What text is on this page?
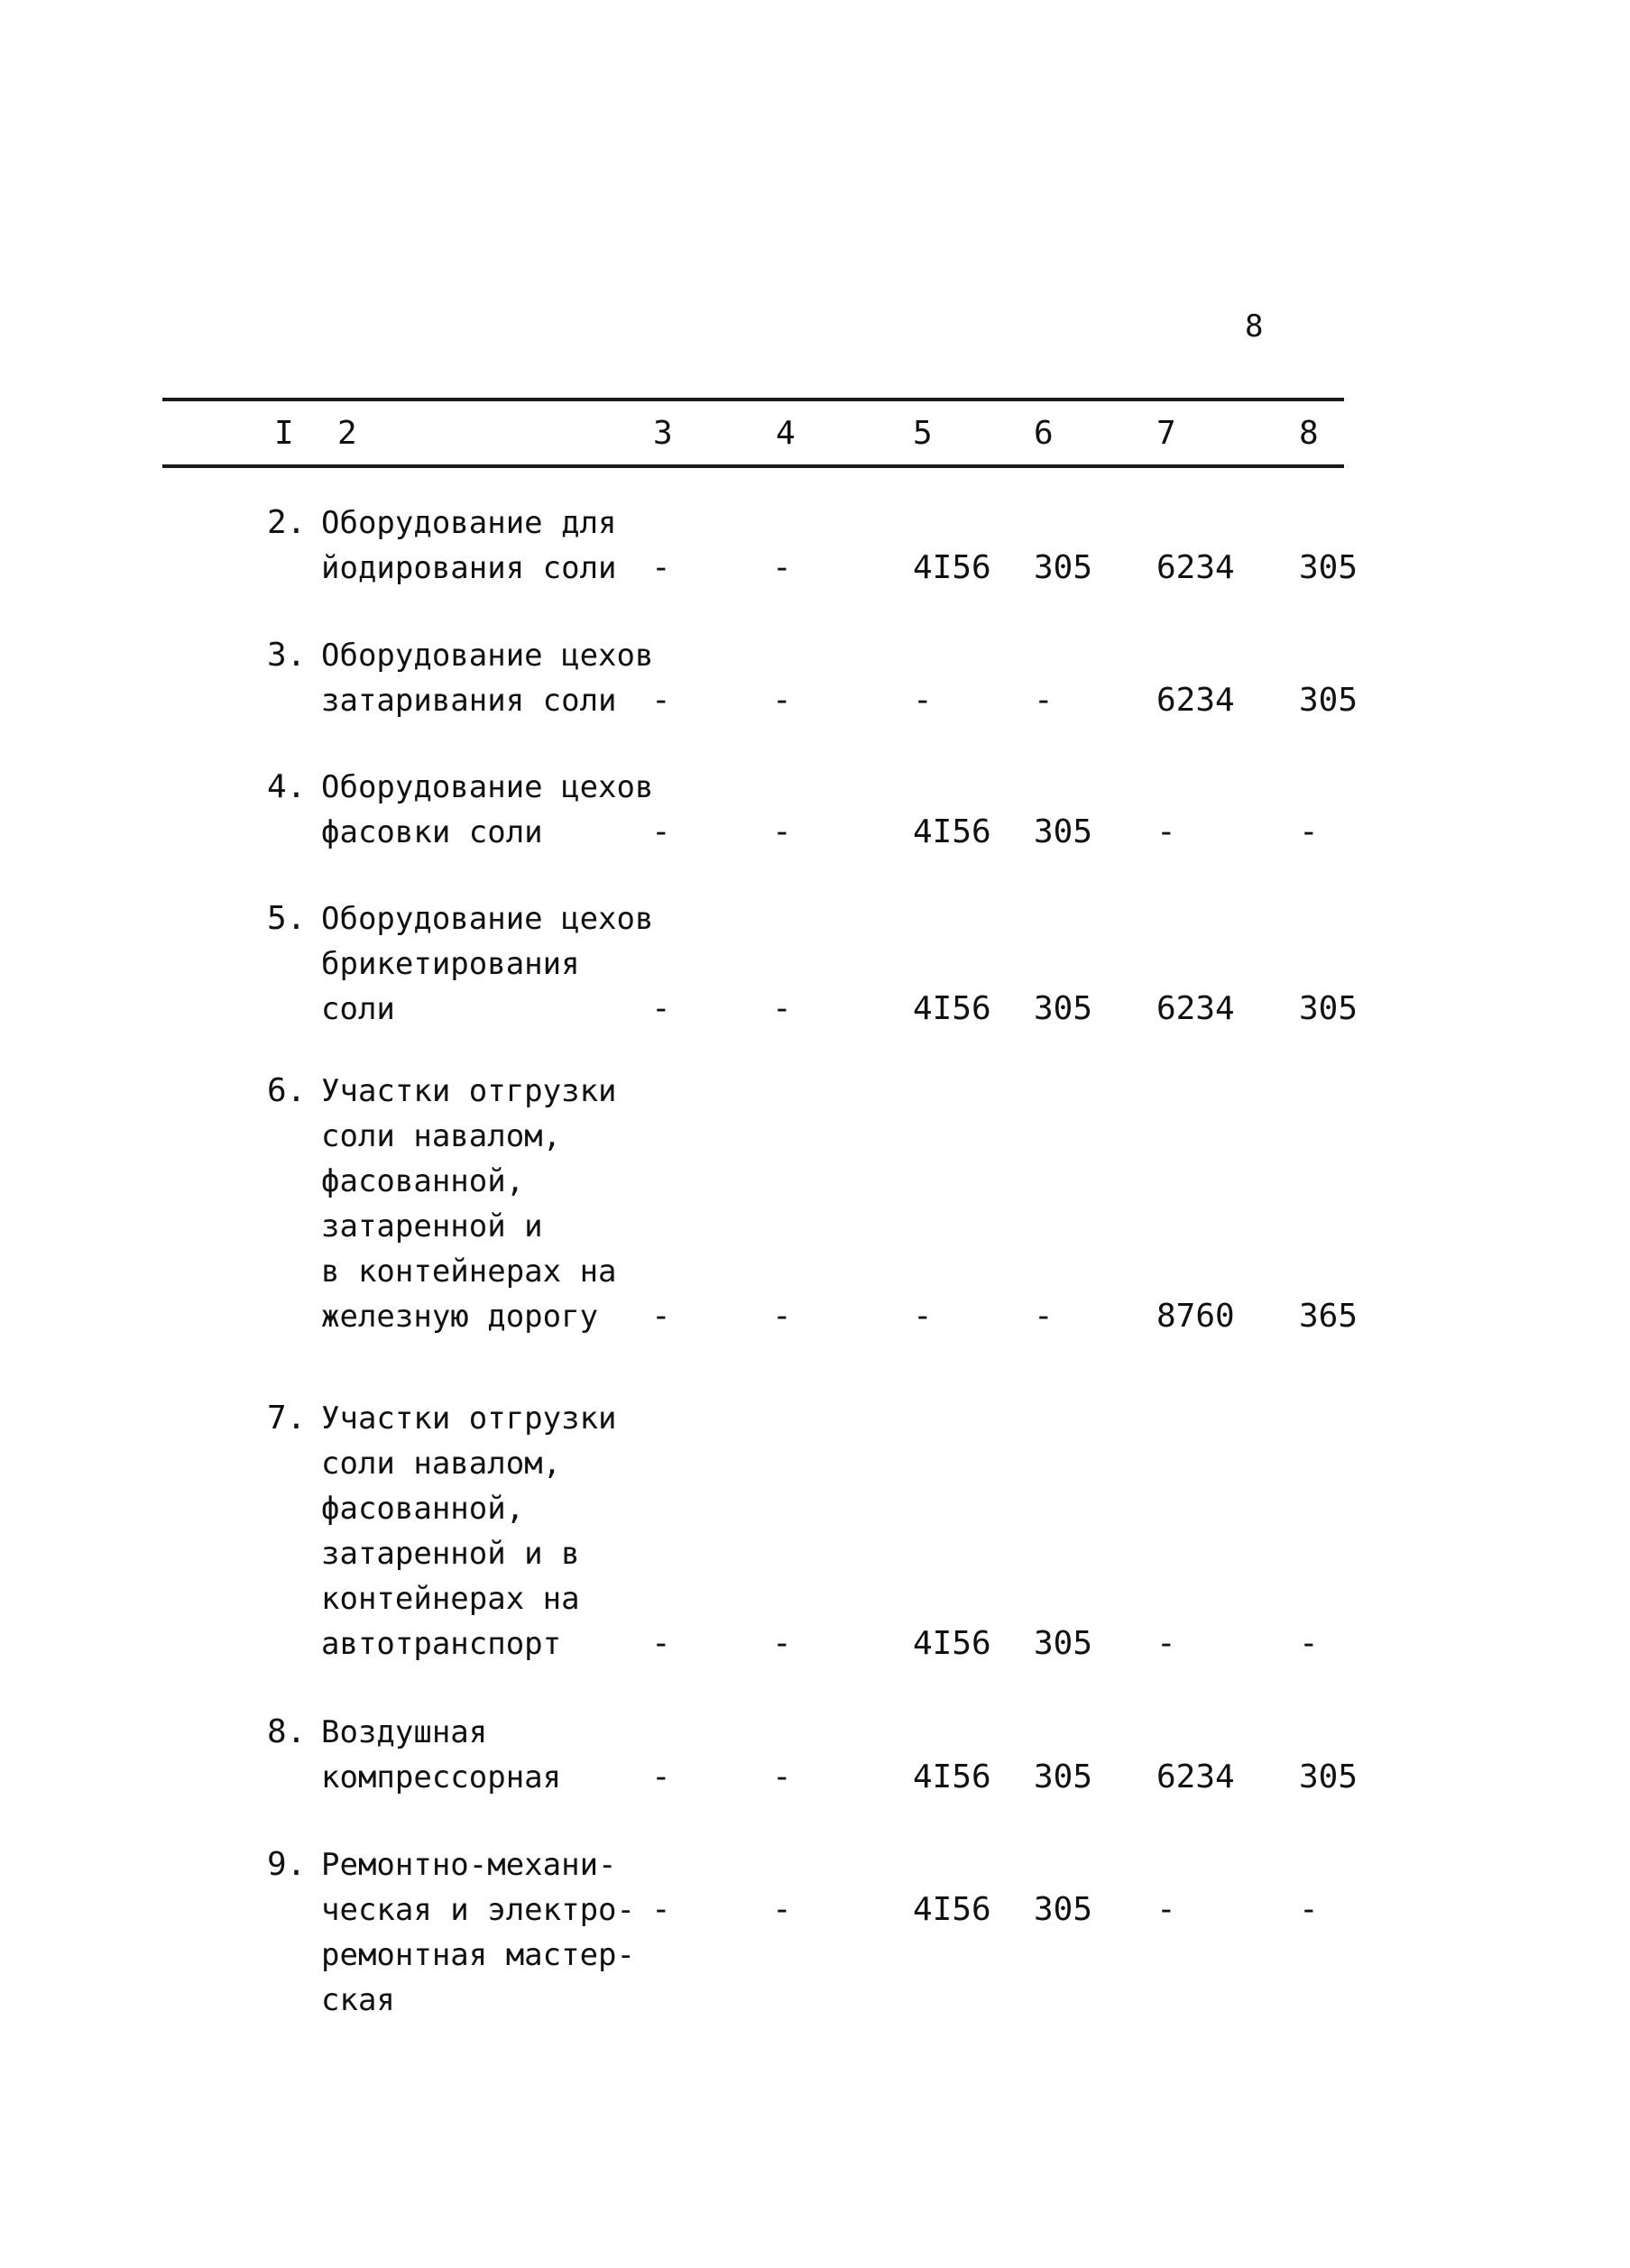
8
I 2	3	4	5	6	7	8
2. Оборудование для
йодирования соли -	-	4I56 305 6234 305
3. Оборудование цехов
затаривания соли	-	-	-	-	6234 305
4. Оборудование цехов
фасовки соли	-	-	4I56 305 -	-
5. Оборудование цехов
брикетирования
соли	-	-	4I56 305 6234 305
6. Участки отгрузки
соли навалом,
фасованной,
затаренной и
в контейнерах на
железную дорогу	-	-	-	-	8760 365
7. Участки отгрузки
соли навалом,
фасованной,
затаренной и в
контейнерах на
автотранспорт	-	-	4I56 305 -	-
8. Воздушная
компрессорная	-	-	4I56 305 6234 305
9. Ремонтно-механи-
ческая и электро-
ремонтная мастер-
ская
-	-	4I56 305 -	-
